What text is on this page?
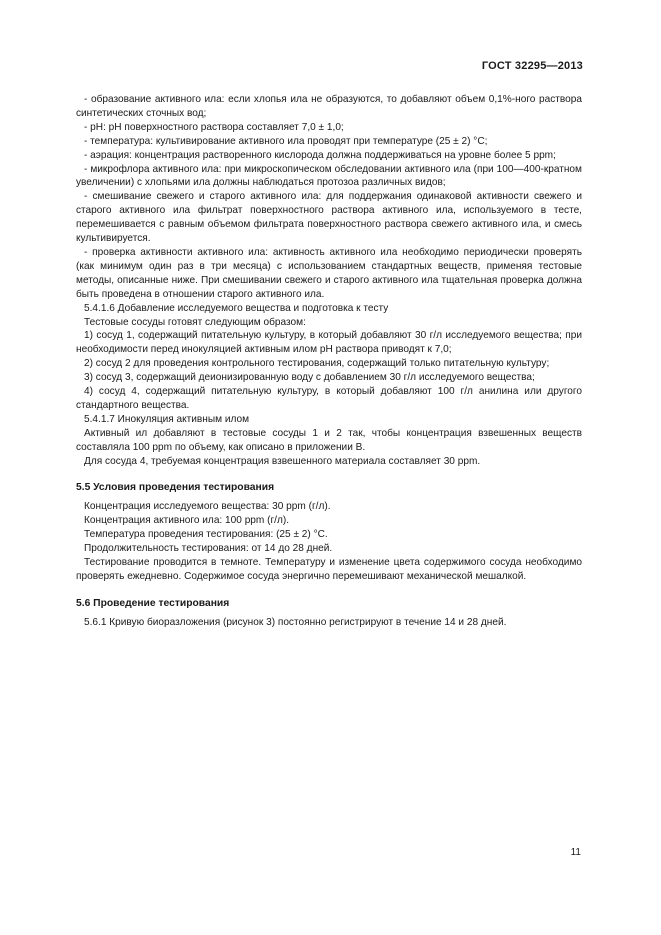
ГОСТ 32295—2013

- образование активного ила: если хлопья ила не образуются, то добавляют объем 0,1%-ного раствора синтетических сточных вод;

- pH: pH поверхностного раствора составляет 7,0 ± 1,0;

- температура: культивирование активного ила проводят при температуре (25 ± 2) °C;

- аэрация: концентрация растворенного кислорода должна поддерживаться на уровне более 5 ppm;

- микрофлора активного ила: при микроскопическом обследовании активного ила (при 100—400-кратном увеличении) с хлопьями ила должны наблюдаться протозоа различных видов;

- смешивание свежего и старого активного ила: для поддержания одинаковой активности свежего и старого активного ила фильтрат поверхностного раствора активного ила, используемого в тесте, перемешивается с равным объемом фильтрата поверхностного раствора свежего активного ила, и смесь культивируется.

- проверка активности активного ила: активность активного ила необходимо периодически проверять (как минимум один раз в три месяца) с использованием стандартных веществ, применяя тестовые методы, описанные ниже. При смешивании свежего и старого активного ила тщательная проверка должна быть проведена в отношении старого активного ила.

5.4.1.6 Добавление исследуемого вещества и подготовка к тесту

Тестовые сосуды готовят следующим образом:

1) сосуд 1, содержащий питательную культуру, в который добавляют 30 г/л исследуемого вещества; при необходимости перед инокуляцией активным илом pH раствора приводят к 7,0;

2) сосуд 2 для проведения контрольного тестирования, содержащий только питательную культуру;

3) сосуд 3, содержащий деионизированную воду с добавлением 30 г/л исследуемого вещества;

4) сосуд 4, содержащий питательную культуру, в который добавляют 100 г/л анилина или другого стандартного вещества.

5.4.1.7 Инокуляция активным илом

Активный ил добавляют в тестовые сосуды 1 и 2 так, чтобы концентрация взвешенных веществ составляла 100 ppm по объему, как описано в приложении В.

Для сосуда 4, требуемая концентрация взвешенного материала составляет 30 ppm.

5.5 Условия проведения тестирования

Концентрация исследуемого вещества: 30 ppm (г/л).

Концентрация активного ила: 100 ppm (г/л).

Температура проведения тестирования: (25 ± 2) °C.

Продолжительность тестирования: от 14 до 28 дней.

Тестирование проводится в темноте. Температуру и изменение цвета содержимого сосуда необходимо проверять ежедневно. Содержимое сосуда энергично перемешивают механической мешалкой.

5.6 Проведение тестирования

5.6.1 Кривую биоразложения (рисунок 3) постоянно регистрируют в течение 14 и 28 дней.

11
